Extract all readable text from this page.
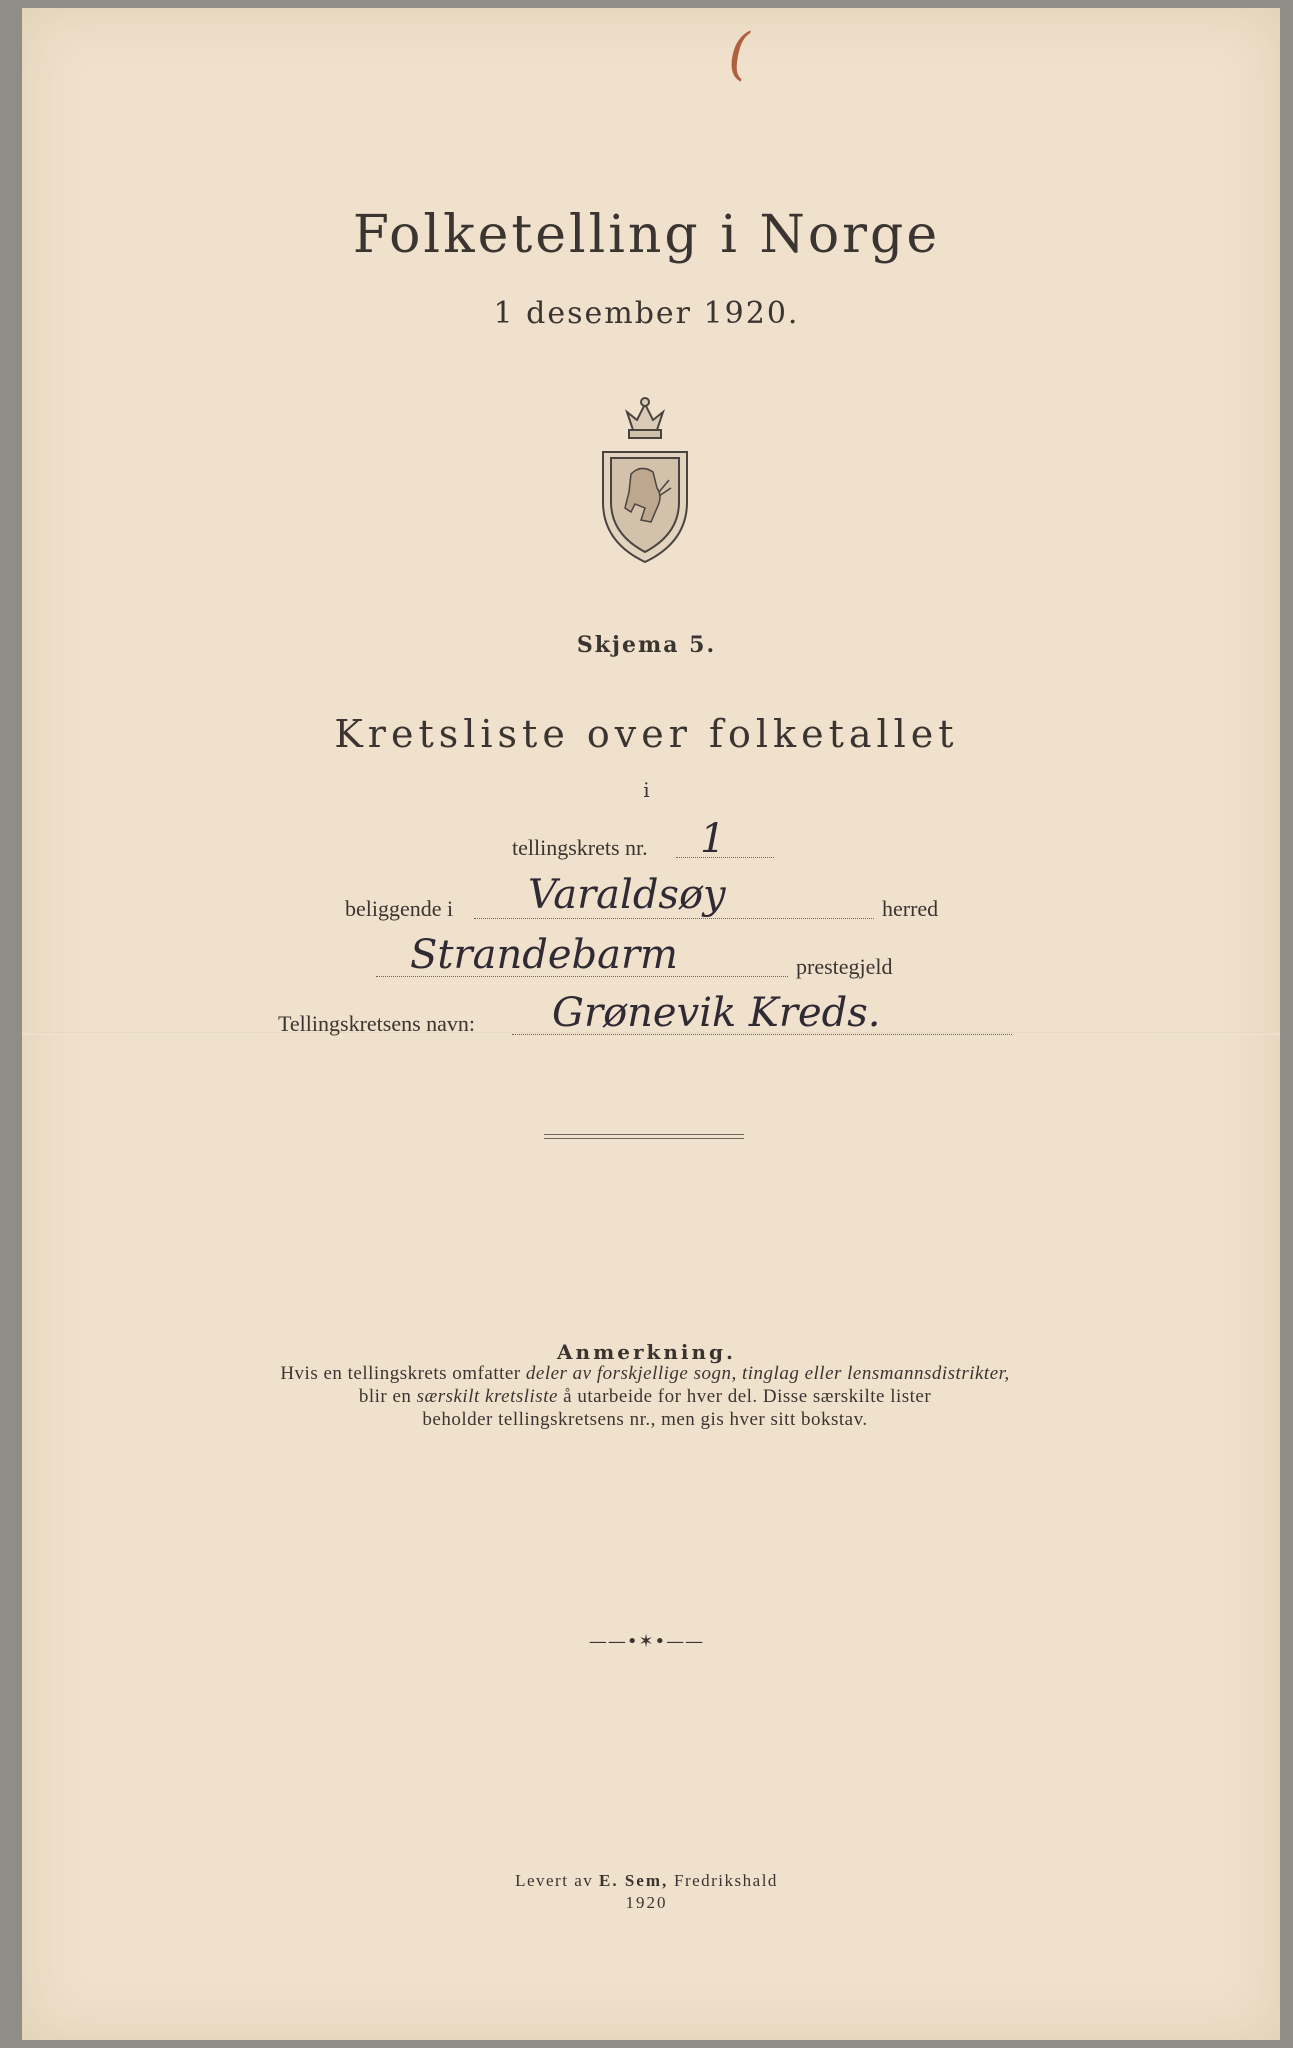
(
Folketelling i Norge
1 desember 1920.
Skjema 5.
Kretsliste over folketallet
i
tellingskrets nr. 1
beliggende i Varaldsøy	herred
Strandebarm	prestegjeld
Tellingskretsens navn: Grønevik Kreds.
Anmerkning.
Hvis en tellingskrets omfatter deler av forskjellige sogn, tinglag eller lensmannsdistrikter,
blir en særskilt kretsliste å utarbeide for hver del. Disse særskilte lister
beholder tellingskretsens nr., men gis hver sitt bokstav.
——•✶•——
Levert av E. Sem, Fredrikshald
1920
